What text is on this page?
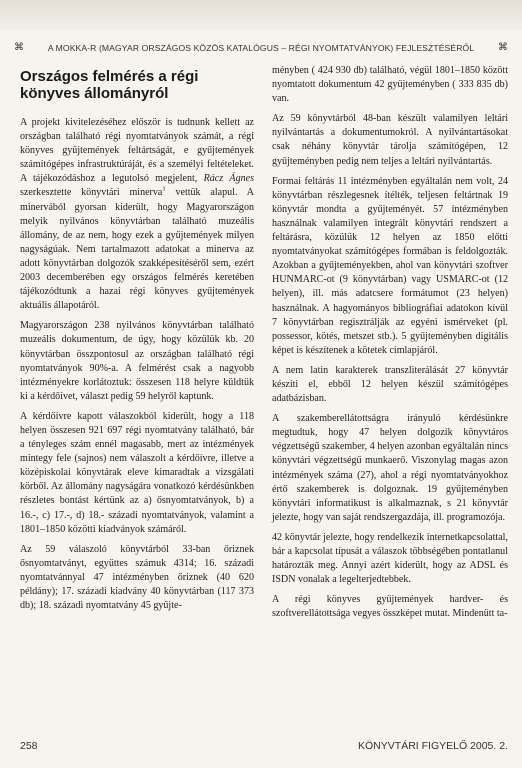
⌘	A MOKKA-R (MAGYAR ORSZÁGOS KÖZÖS KATALÓGUS – RÉGI NYOMTATVÁNYOK) FEJLESZTÉSÉRŐL ⌘
Országos felmérés a régi könyves állományról

A projekt kivitelezéséhez először is tudnunk kellett az országban található régi nyomtatványok számát, a régi könyves gyűjtemények feltártságát, e gyűjtemények számítógépes infrastruktúráját, és a személyi feltételeket. A tájékozódáshoz a legutolsó megjelent, Rácz Ágnes szerkesztette könyvtári minerva$^1$ vettük alapul. A minervából gyorsan kiderült, hogy Magyarországon melyik nyilvános könyvtárban található muzeális állomány, de az nem, hogy ezek a gyűjtemények milyen nagyságúak. Nem tartalmazott adatokat a minerva az adott könyvtárban dolgozók szakképesítéséről sem, ezért 2003 decemberében egy országos felmérés keretében tájékozódtunk a hazai régi könyves gyűjtemények aktuális állapotáról.

Magyarországon 238 nyilvános könyvtárban található muzeális dokumentum, de úgy, hogy közülük kb. 20 könyvtárban összpontosul az országban található régi nyomtatványok 90%-a. A felmérést csak a nagyobb intézményekre korlátoztuk: összesen 118 helyre küldtük ki a kérdőívet, választ pedig 59 helyről kaptunk.

A kérdőívre kapott válaszokból kiderült, hogy a 118 helyen összesen 921 697 régi nyomtatvány található, bár a tényleges szám ennél magasabb, mert az intézmények mintegy fele (sajnos) nem válaszolt a kérdőívre, illetve a középiskolai könyvtárak eleve kimaradtak a vizsgálati körből. Az állomány nagyságára vonatkozó kérdésünkben részletes bontást kértünk az a) ősnyomtatványok, b) a 16.-, c) 17.-, d) 18.- századi nyomtatványok, valamint a 1801–1850 közötti kiadványok számáról.

Az 59 válaszoló könyvtárból 33-ban őriznek ősnyomtatványt, együttes számuk 4314; 16. századi nyomtatvánnyal 47 intézményben őriznek (40 620 példány); 17. századi kiadvány 40 könyvtárban (117 373 db); 18. századi nyomtatvány 45 gyűjte-

ményben ( 424 930 db) található, végül 1801–1850 között nyomtatott dokumentum 42 gyűjteményben ( 333 835 db) van.

Az 59 könyvtárból 48-ban készült valamilyen leltári nyilvántartás a dokumentumokról. A nyilvántartásokat csak néhány könyvtár tárolja számítógépen, 12 gyűjteményben pedig nem teljes a leltári nyilvántartás.

Formai feltárás 11 intézményben egyáltalán nem volt, 24 könyvtárban részlegesnek ítélték, teljesen feltártnak 19 könyvtár mondta a gyűjteményét. 57 intézményben használnak valamilyen integrált könyvtári rendszert a feltárásra, közülük 12 helyen az 1850 előtti nyomtatványokat számítógépes formában is feldolgozták. Azokban a gyűjteményekben, ahol van könyvtári szoftver HUNMARC-ot (9 könyvtárban) vagy USMARC-ot (12 helyen), ill. más adatcsere formátumot (23 helyen) használnak. A hagyományos bibliográfiai adatokon kívül 7 könyvtárban regisztrálják az egyéni ismérveket (pl. possessor, kötés, metszet stb.). 5 gyűjteményben digitális képet is készítenek a kötetek címlapjáról.

A nem latin karakterek transzliterálását 27 könyvtár készíti el, ebből 12 helyen készül számítógépes adatbázisban.

A szakemberellátottságra irányuló kérdésünkre megtudtuk, hogy 47 helyen dolgozik könyvtáros végzettségű szakember, 4 helyen azonban egyáltalán nincs könyvtári végzettségű munkaerő. Viszonylag magas azon intézmények száma (27), ahol a régi nyomtatványokhoz értő szakemberek is dolgoznak. 19 gyűjteményben könyvtári informatikust is alkalmaznak, s 21 könyvtár jelezte, hogy van saját rendszergazdája, ill. programozója.

42 könyvtár jelezte, hogy rendelkezik internetkapcsolattal, bár a kapcsolat típusát a válaszok többségében pontatlanul határozták meg. Annyi azért kiderült, hogy az ADSL és ISDN vonalak a legelterjedtebbek.

A régi könyves gyűjtemények hardver- és szoftverellátottsága vegyes összképet mutat. Mindenütt ta-

258	KÖNYVTÁRI FIGYELŐ 2005. 2.
